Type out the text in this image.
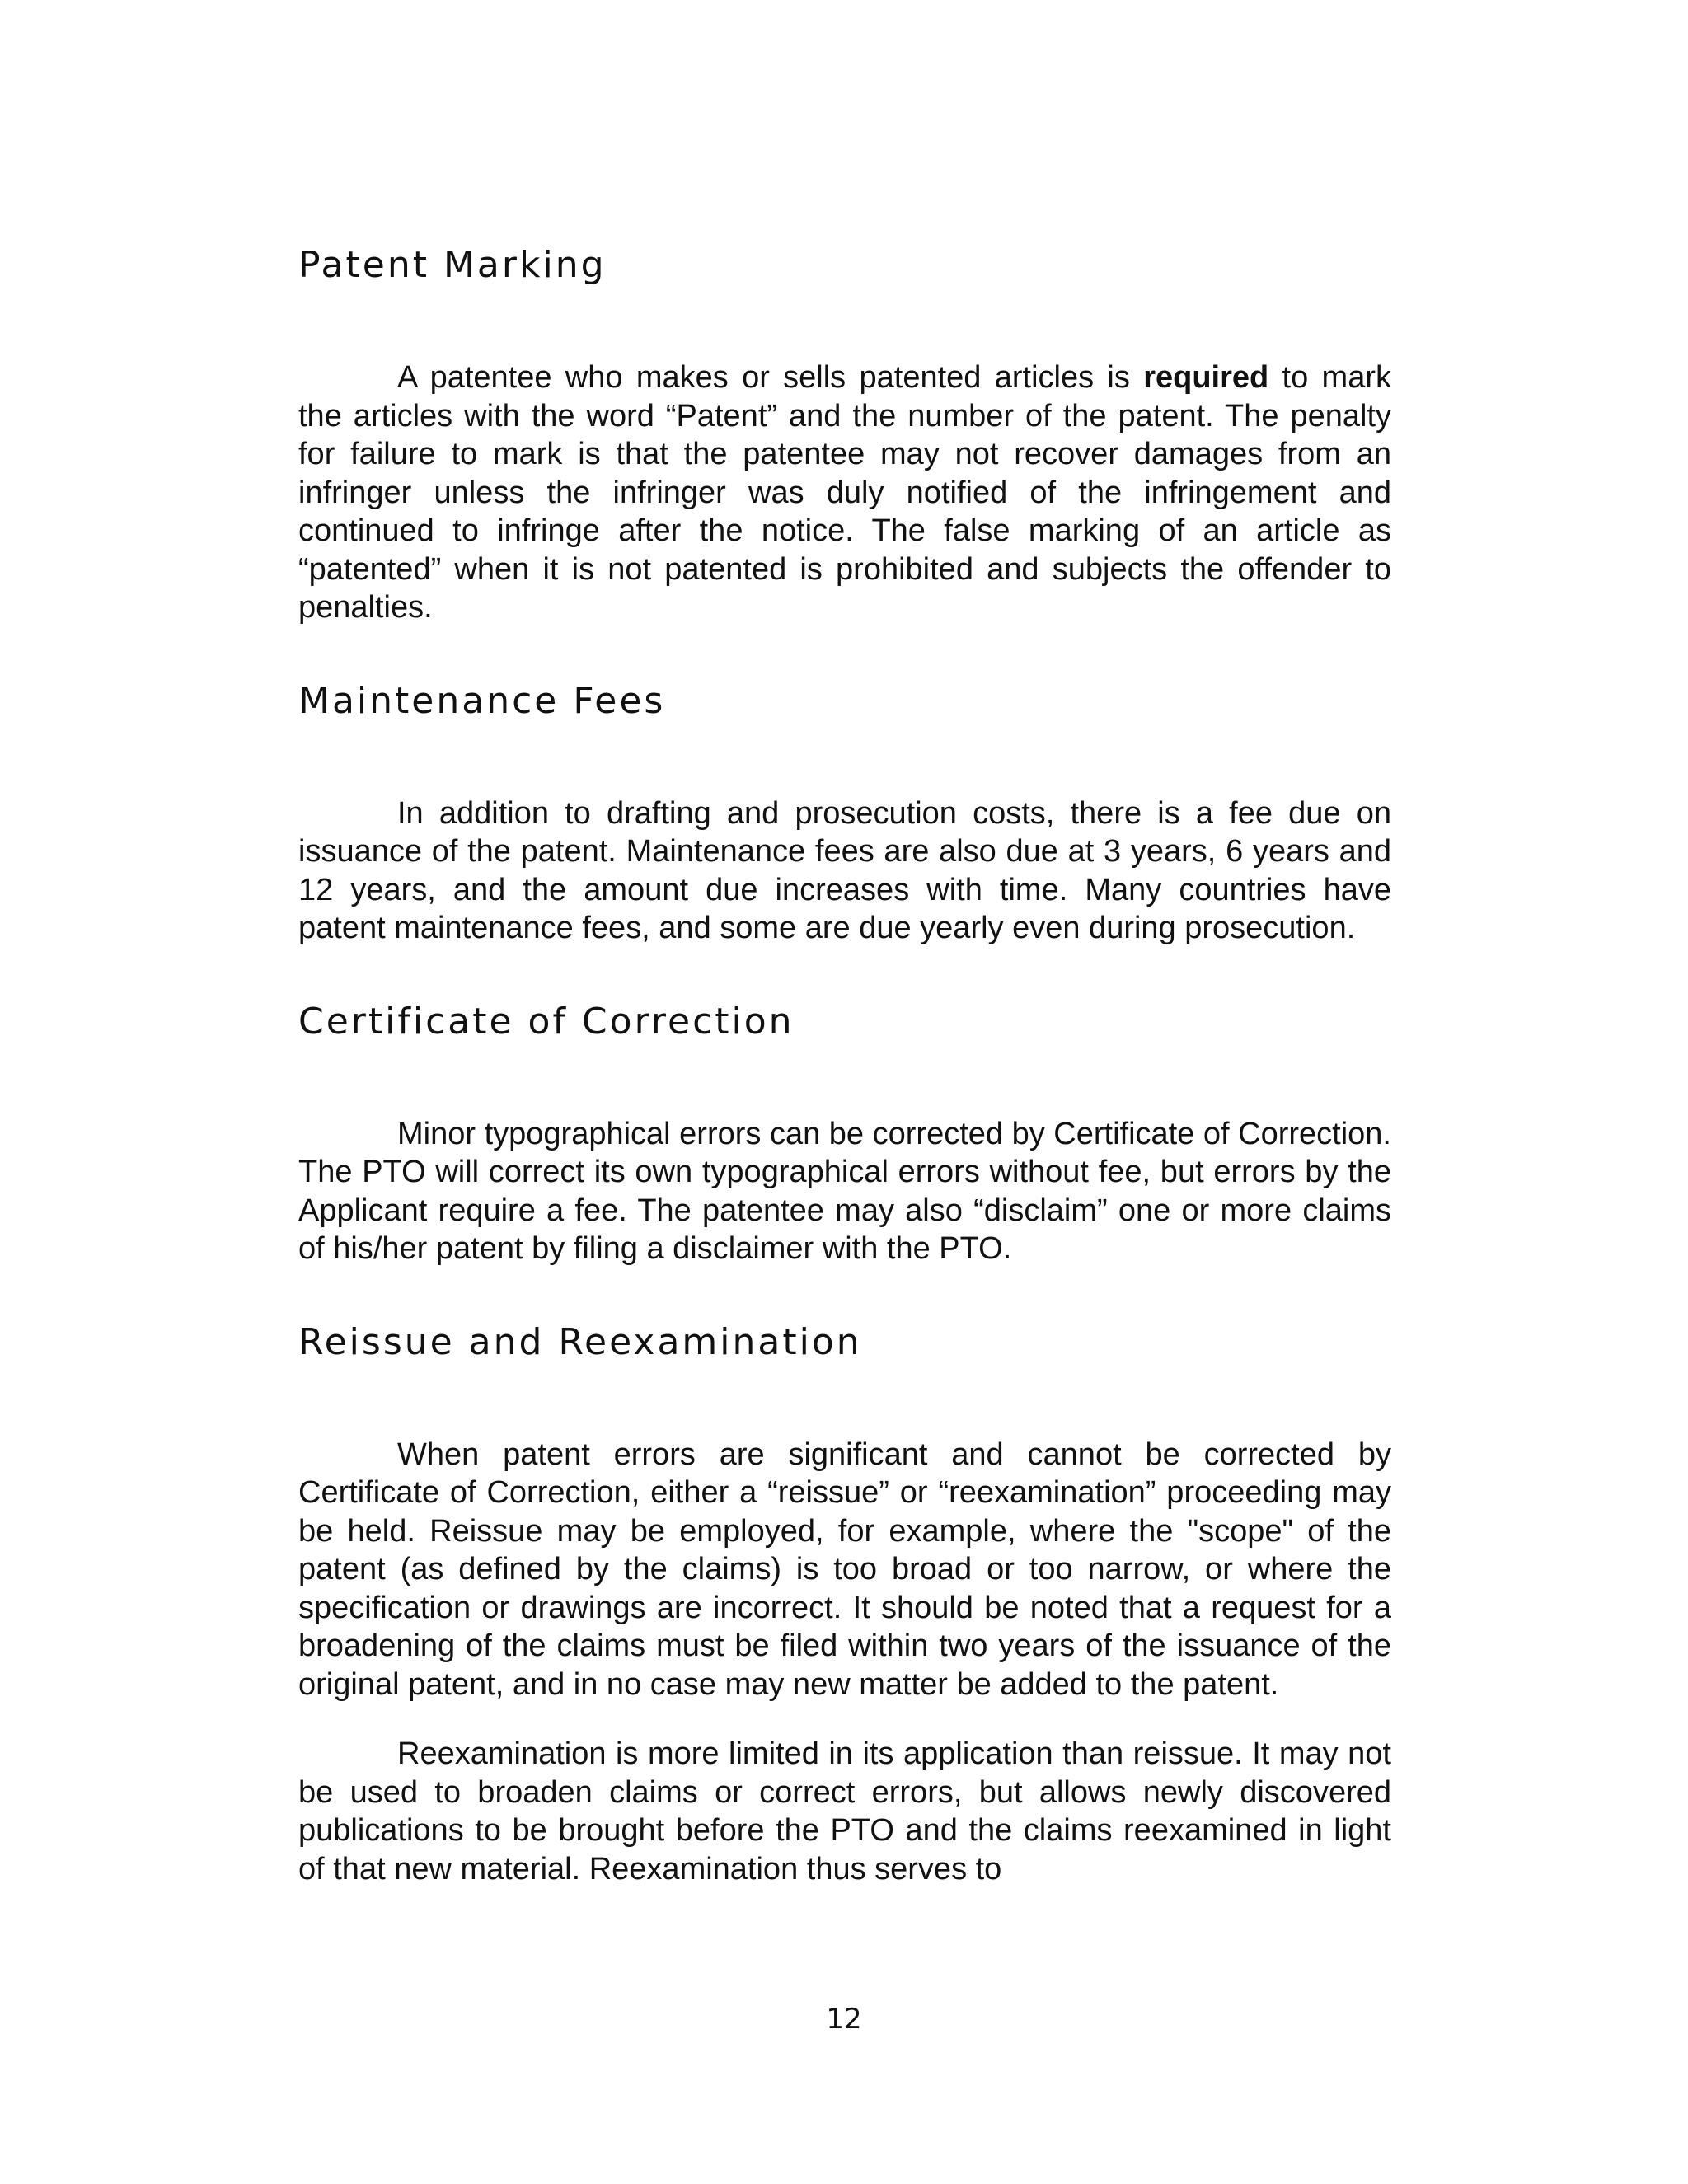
Patent Marking

A patentee who makes or sells patented articles is required to mark the articles with the word “Patent” and the number of the patent. The penalty for failure to mark is that the patentee may not recover damages from an infringer unless the infringer was duly notified of the infringement and continued to infringe after the notice. The false marking of an article as “patented” when it is not patented is prohibited and subjects the offender to penalties.

Maintenance Fees

In addition to drafting and prosecution costs, there is a fee due on issuance of the patent. Maintenance fees are also due at 3 years, 6 years and 12 years, and the amount due increases with time. Many countries have patent maintenance fees, and some are due yearly even during prosecution.

Certificate of Correction

Minor typographical errors can be corrected by Certificate of Correction. The PTO will correct its own typographical errors without fee, but errors by the Applicant require a fee. The patentee may also “disclaim” one or more claims of his/her patent by filing a disclaimer with the PTO.

Reissue and Reexamination

When patent errors are significant and cannot be corrected by Certificate of Correction, either a “reissue” or “reexamination” proceeding may be held. Reissue may be employed, for example, where the "scope" of the patent (as defined by the claims) is too broad or too narrow, or where the specification or drawings are incorrect. It should be noted that a request for a broadening of the claims must be filed within two years of the issuance of the original patent, and in no case may new matter be added to the patent.

Reexamination is more limited in its application than reissue. It may not be used to broaden claims or correct errors, but allows newly discovered publications to be brought before the PTO and the claims reexamined in light of that new material. Reexamination thus serves to

12
